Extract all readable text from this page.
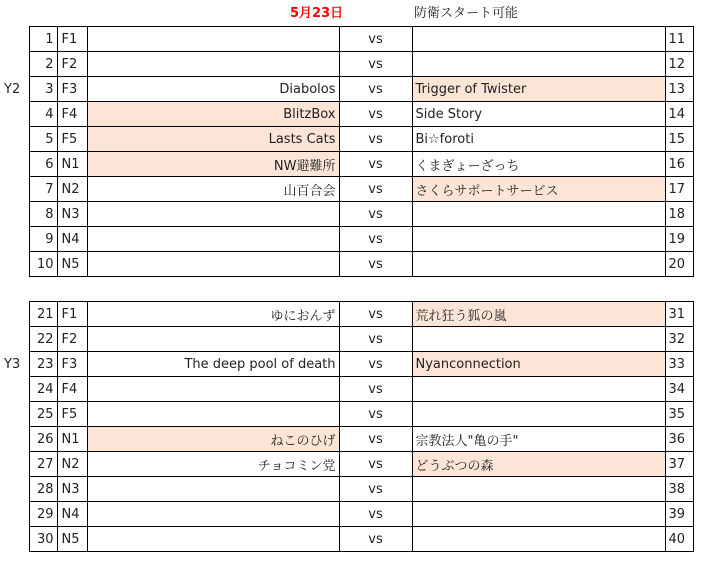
5月23日	防衛スタート可能
	1	F1		vs		11
	2	F2		vs		12
Y2	3	F3	Diabolos	vs	Trigger of Twister	13
	4	F4	BlitzBox	vs	Side Story	14
	5	F5	Lasts Cats	vs	Bi☆foroti	15
	6	N1	NW避難所	vs	くまぎょーざっち	16
	7	N2	山百合会	vs	さくらサポートサービス	17
	8	N3		vs		18
	9	N4		vs		19
	10	N5		vs		20

	21	F1	ゆにおんず	vs	荒れ狂う狐の嵐	31
	22	F2		vs		32
Y3	23	F3	The deep pool of death	vs	Nyanconnection	33
	24	F4		vs		34
	25	F5		vs		35
	26	N1	ねこのひげ	vs	宗教法人"亀の手"	36
	27	N2	チョコミン党	vs	どうぶつの森	37
	28	N3		vs		38
	29	N4		vs		39
	30	N5		vs		40
